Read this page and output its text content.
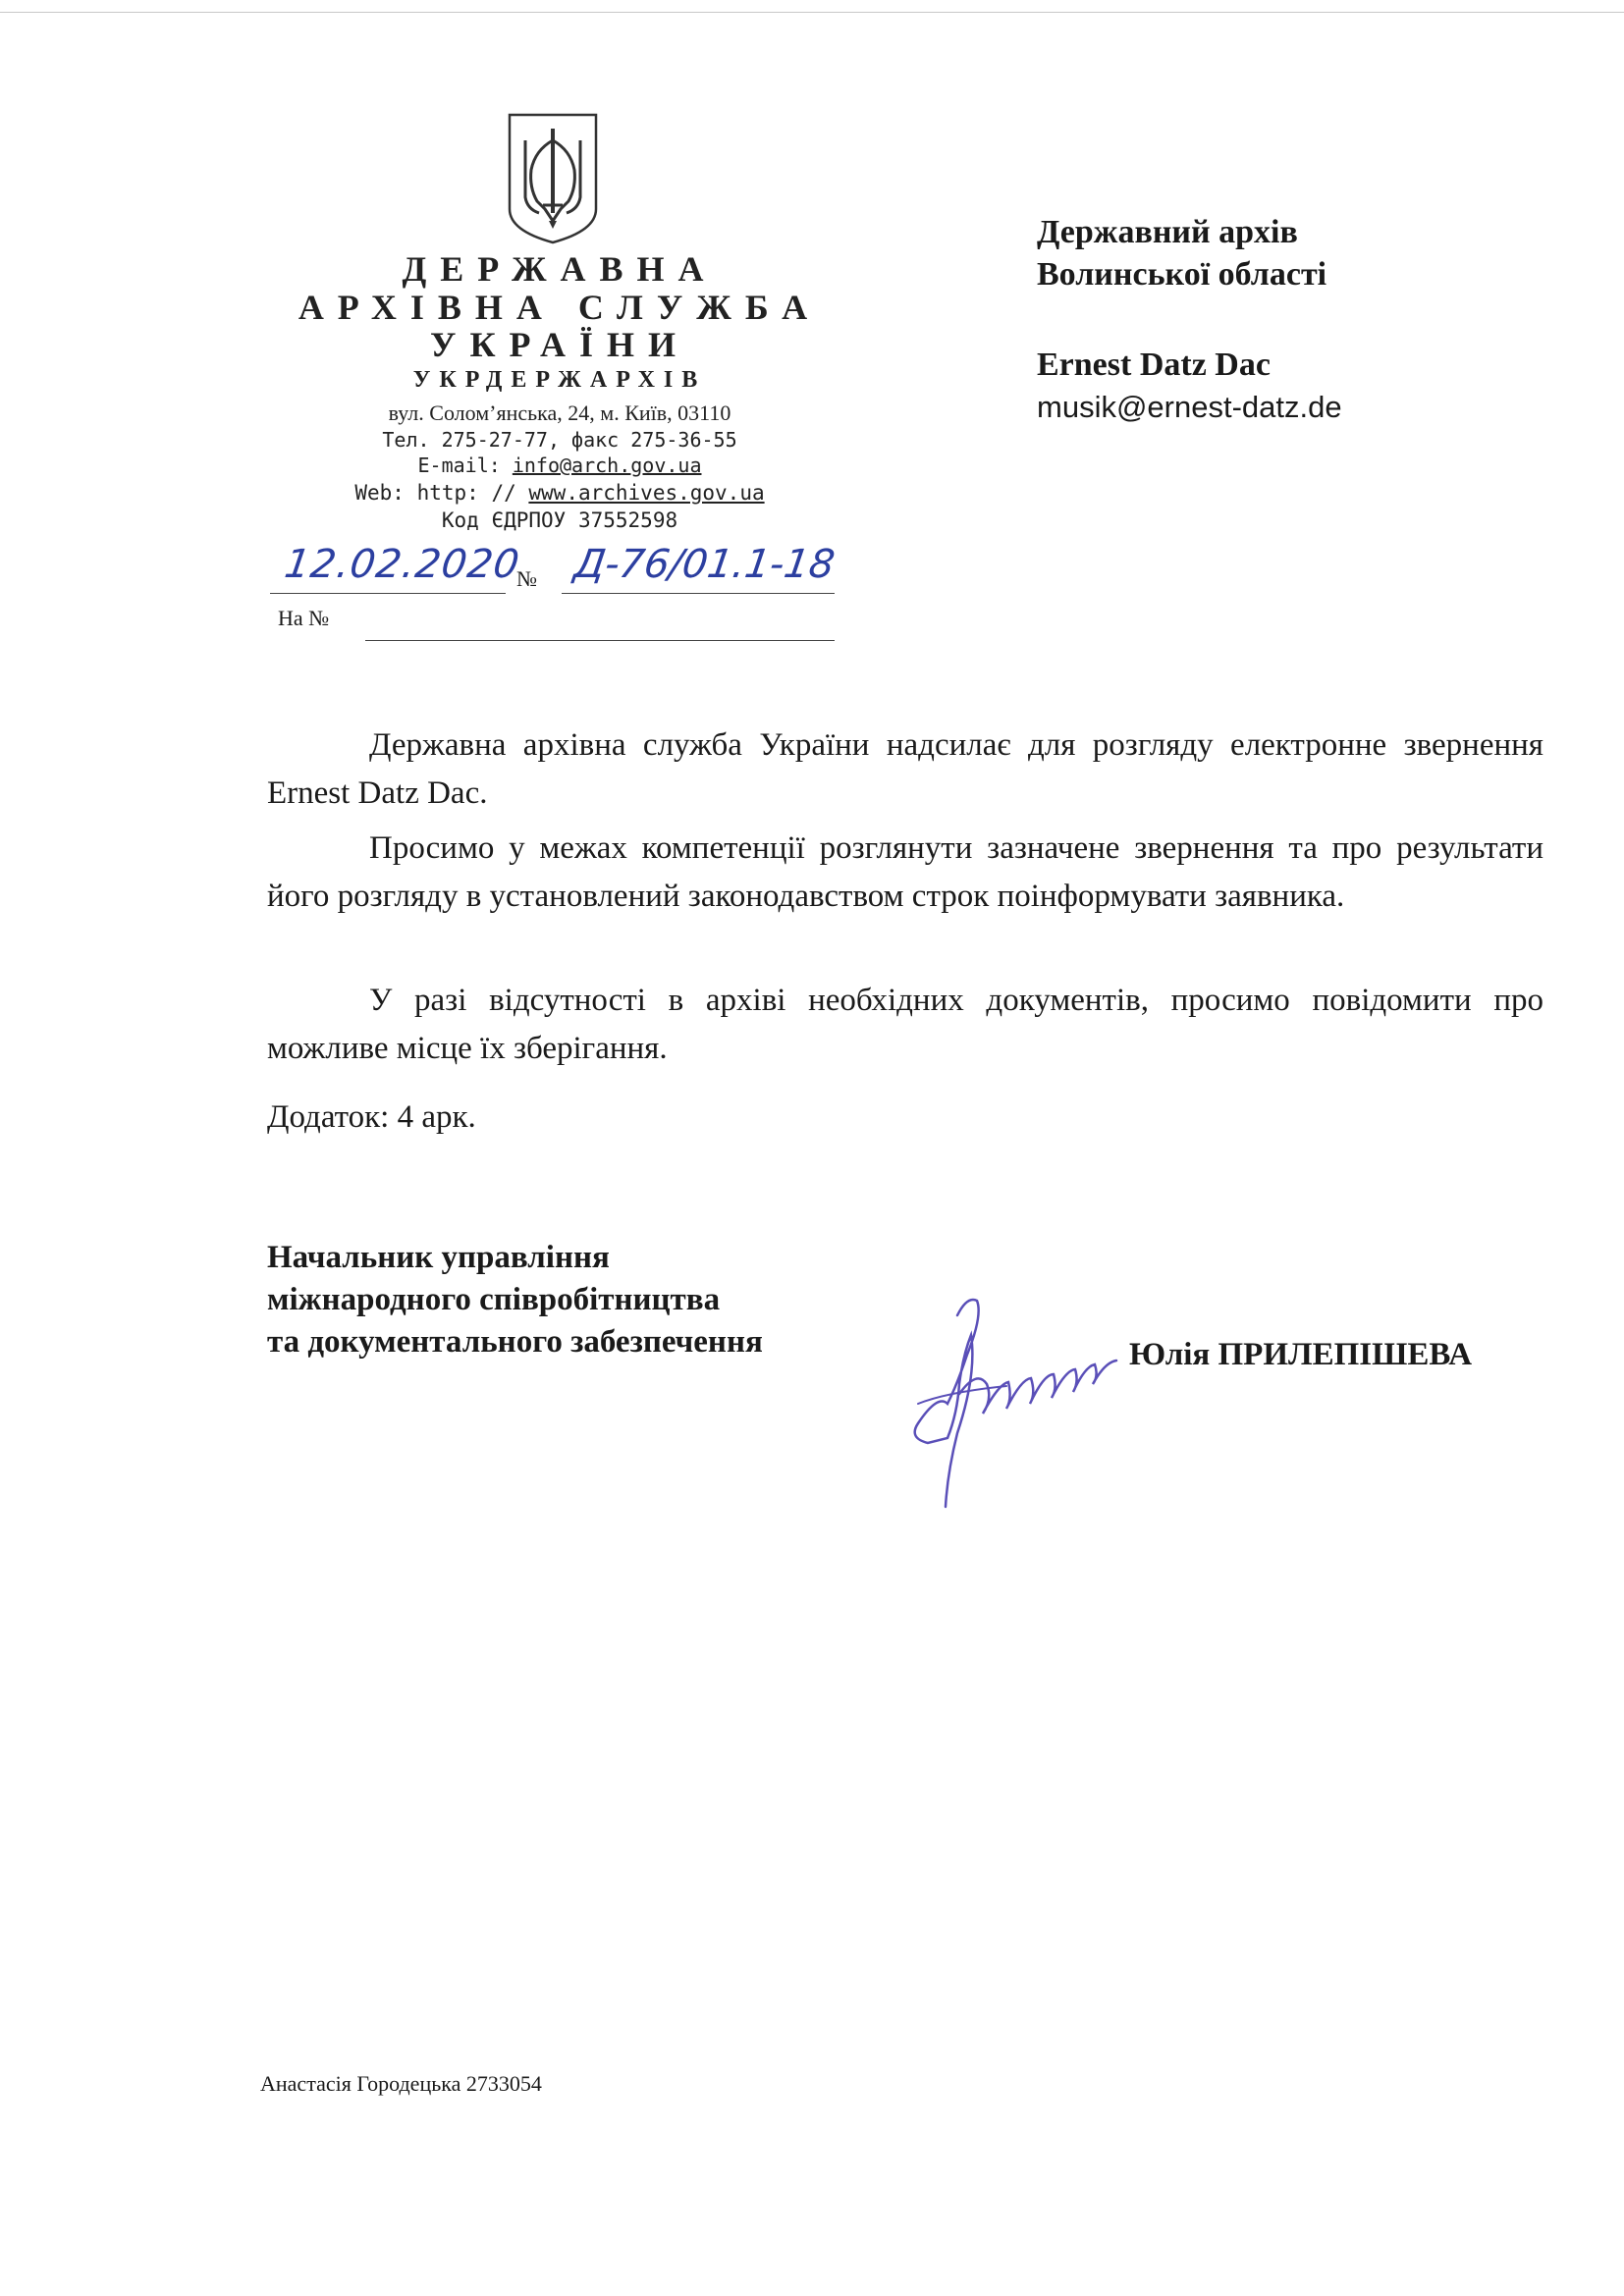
ДЕРЖАВНА
АРХІВНА СЛУЖБА
УКРАЇНИ
УКРДЕРЖАРХІВ
вул. Солом’янська, 24, м. Київ, 03110
Тел. 275-27-77, факс 275-36-55
E-mail: info@arch.gov.ua
Web: http: // www.archives.gov.ua
Код ЄДРПОУ 37552598
12.02.2020
№ Д-76/01.1-18
На №
Державний архів
Волинської області
Ernest Datz Dac
musik@ernest-datz.de
Державна архівна служба України надсилає для розгляду електронне звернення Ernest Datz Dac.
Просимо у межах компетенції розглянути зазначене звернення та про результати його розгляду в установлений законодавством строк поінформувати заявника.
У разі відсутності в архіві необхідних документів, просимо повідомити про можливе місце їх зберігання.
Додаток: 4 арк.
Начальник управління
міжнародного співробітництва
та документального забезпечення	Юлія ПРИЛЕПІШЕВА
Анастасія Городецька 2733054
